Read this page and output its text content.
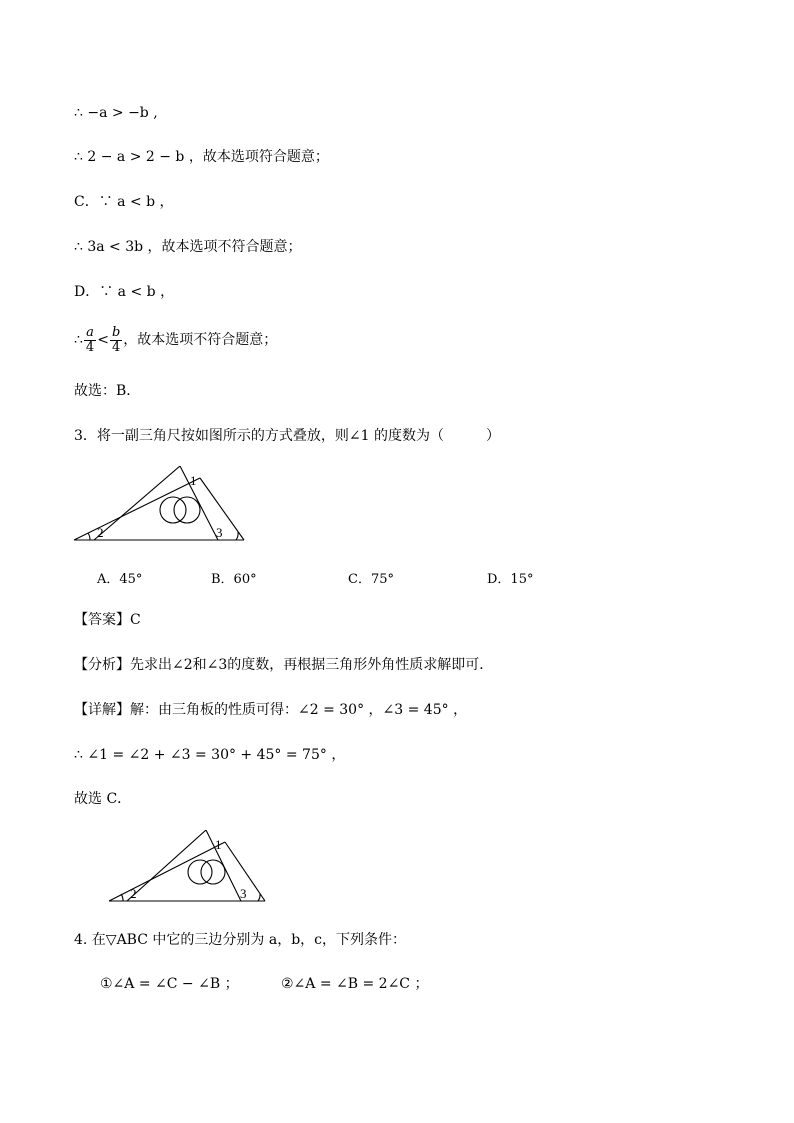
∴ −a > −b ,
∴ 2 − a > 2 − b ，故本选项符合题意；
C．∵ a < b ，
∴ 3a < 3b ，故本选项不符合题意；
D．∵ a < b ，
∴ $\frac{a}{4} < \frac{b}{4}$ ，故本选项不符合题意；
故选：B．
3．将一副三角尺按如图所示的方式叠放，则∠1 的度数为（　　　）
1
2	3
A．45°	B．60°	C．75°	D．15°
【答案】C
【分析】先求出∠2和∠3的度数，再根据三角形外角性质求解即可．
【详解】解：由三角板的性质可得：∠2 = 30° ，∠3 = 45° ，
∴ ∠1 = ∠2 + ∠3 = 30° + 45° = 75° ，
故选 C．
1
2	3
4. 在▽ABC 中它的三边分别为 a，b，c，下列条件：
①∠A = ∠C − ∠B ；	②∠A = ∠B = 2∠C ；
